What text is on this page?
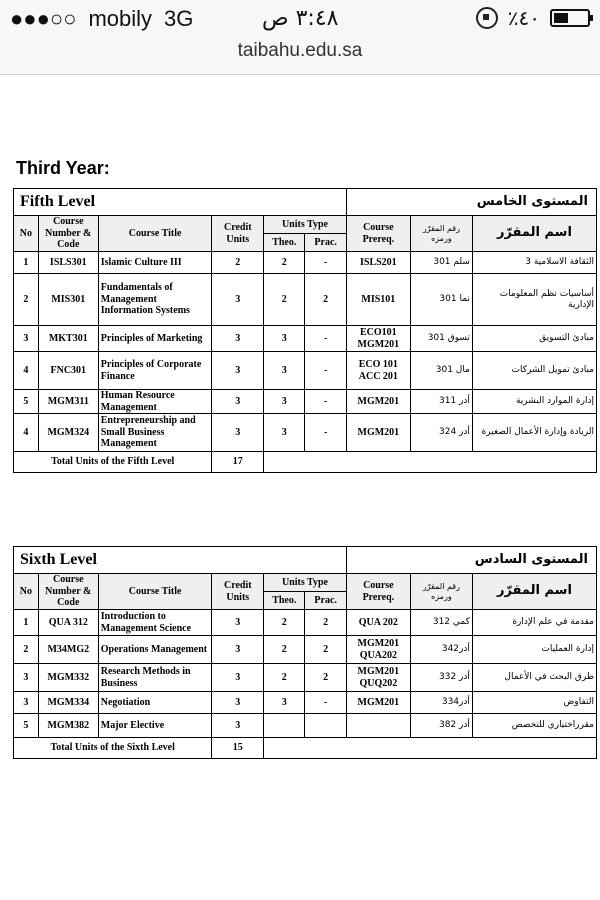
●●●○○ mobily 3G	٣:٤٨ ص	٪٤٠
taibahu.edu.sa
Third Year:
Fifth Level						المستوى الخامس		
No	Course Number & Code	Course Title	Credit Units	Units Type		Course Prereq.	رقم المقرّر ورمزه	اسم المقرّر
				Theo.	Prac.			
1	ISLS301	Islamic Culture III	2	2	-	ISLS201	سلم 301	الثقافة الاسلامية 3
2	MIS301	Fundamentals of Management Information Systems	3	2	2	MIS101	نما 301	أساسيات نظم المعلومات الإدارية
3	MKT301	Principles of Marketing	3	3	-	ECO101 MGM201	تسوق 301	مبادئ التسويق
4	FNC301	Principles of Corporate Finance	3	3	-	ECO 101 ACC 201	مال 301	مبادئ تمويل الشركات
5	MGM311	Human Resource Management	3	3	-	MGM201	أدر 311	إدارة الموارد البشرية
4	MGM324	Entrepreneurship and Small Business Management	3	3	-	MGM201	أدر 324	الريادة وإدارة الأعمال الصغيرة
Total Units of the Fifth Level			17					
Sixth Level						المستوى السادس		
No	Course Number & Code	Course Title	Credit Units	Units Type		Course Prereq.	رقم المقرّر ورمزه	اسم المقرّر
				Theo.	Prac.			
1	QUA 312	Introduction to Management Science	3	2	2	QUA 202	كمي 312	مقدمة في علم الإدارة
2	M34MG2	Operations Management	3	2	2	MGM201 QUA202	أدر342	إدارة العمليات
3	MGM332	Research Methods in Business	3	2	2	MGM201 QUQ202	أدر 332	طرق البحث في الأعمال
3	MGM334	Negotiation	3	3	-	MGM201	أدر334	التفاوض
5	MGM382	Major Elective	3				أدر 382	مقرراختياري للتخصص
Total Units of the Sixth Level			15					
